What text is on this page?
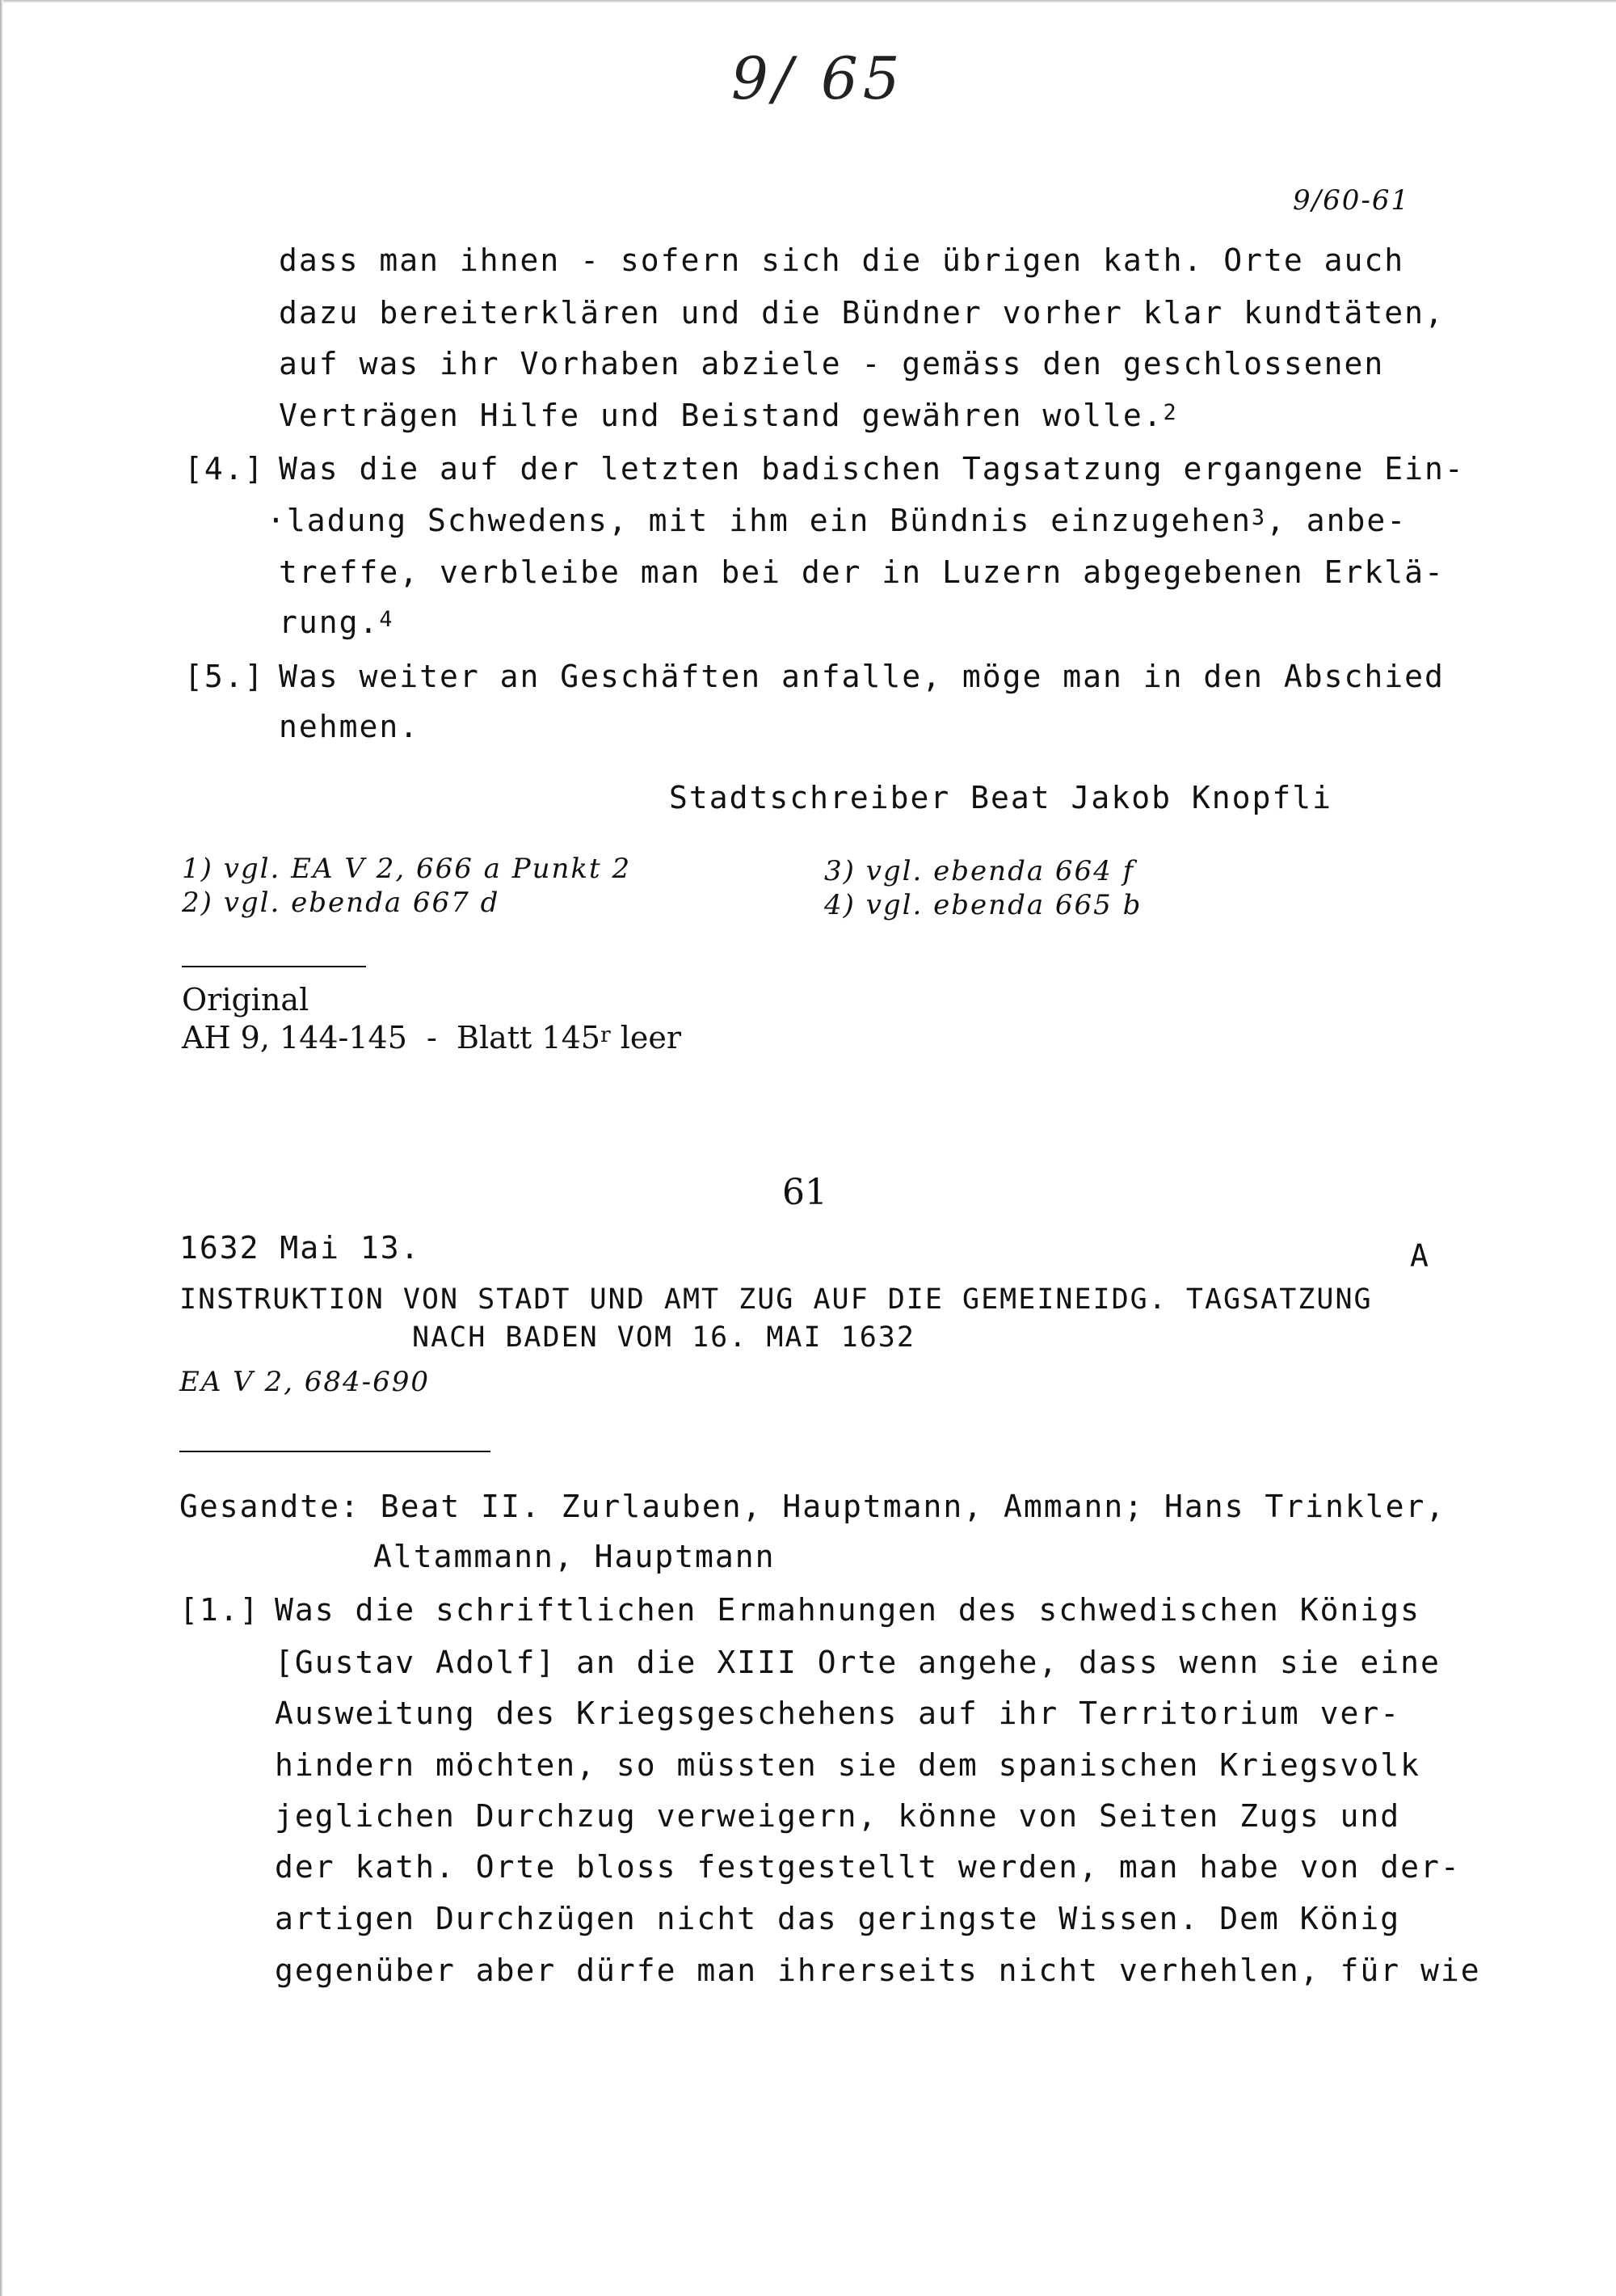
9/ 65
9/60-61
dass man ihnen - sofern sich die übrigen kath. Orte auch
dazu bereiterklären und die Bündner vorher klar kundtäten,
auf was ihr Vorhaben abziele - gemäss den geschlossenen
Verträgen Hilfe und Beistand gewähren wolle.$^2$
[4.] Was die auf der letzten badischen Tagsatzung ergangene Ein-
·ladung Schwedens, mit ihm ein Bündnis einzugehen$^3$, anbe-
treffe, verbleibe man bei der in Luzern abgegebenen Erklä-
rung.$^4$
[5.] Was weiter an Geschäften anfalle, möge man in den Abschied
nehmen.
Stadtschreiber Beat Jakob Knopfli
1) vgl. EA V 2, 666 a Punkt 2
2) vgl. ebenda 667 d
3) vgl. ebenda 664 f
4) vgl. ebenda 665 b
Original
AH 9, 144-145  -  Blatt 145$^r$ leer
61
1632 Mai 13.	A
INSTRUKTION VON STADT UND AMT ZUG AUF DIE GEMEINEIDG. TAGSATZUNG
NACH BADEN VOM 16. MAI 1632
EA V 2, 684-690
Gesandte: Beat II. Zurlauben, Hauptmann, Ammann; Hans Trinkler,
Altammann, Hauptmann
[1.] Was die schriftlichen Ermahnungen des schwedischen Königs
[Gustav Adolf] an die XIII Orte angehe, dass wenn sie eine
Ausweitung des Kriegsgeschehens auf ihr Territorium ver-
hindern möchten, so müssten sie dem spanischen Kriegsvolk
jeglichen Durchzug verweigern, könne von Seiten Zugs und
der kath. Orte bloss festgestellt werden, man habe von der-
artigen Durchzügen nicht das geringste Wissen. Dem König
gegenüber aber dürfe man ihrerseits nicht verhehlen, für wie
